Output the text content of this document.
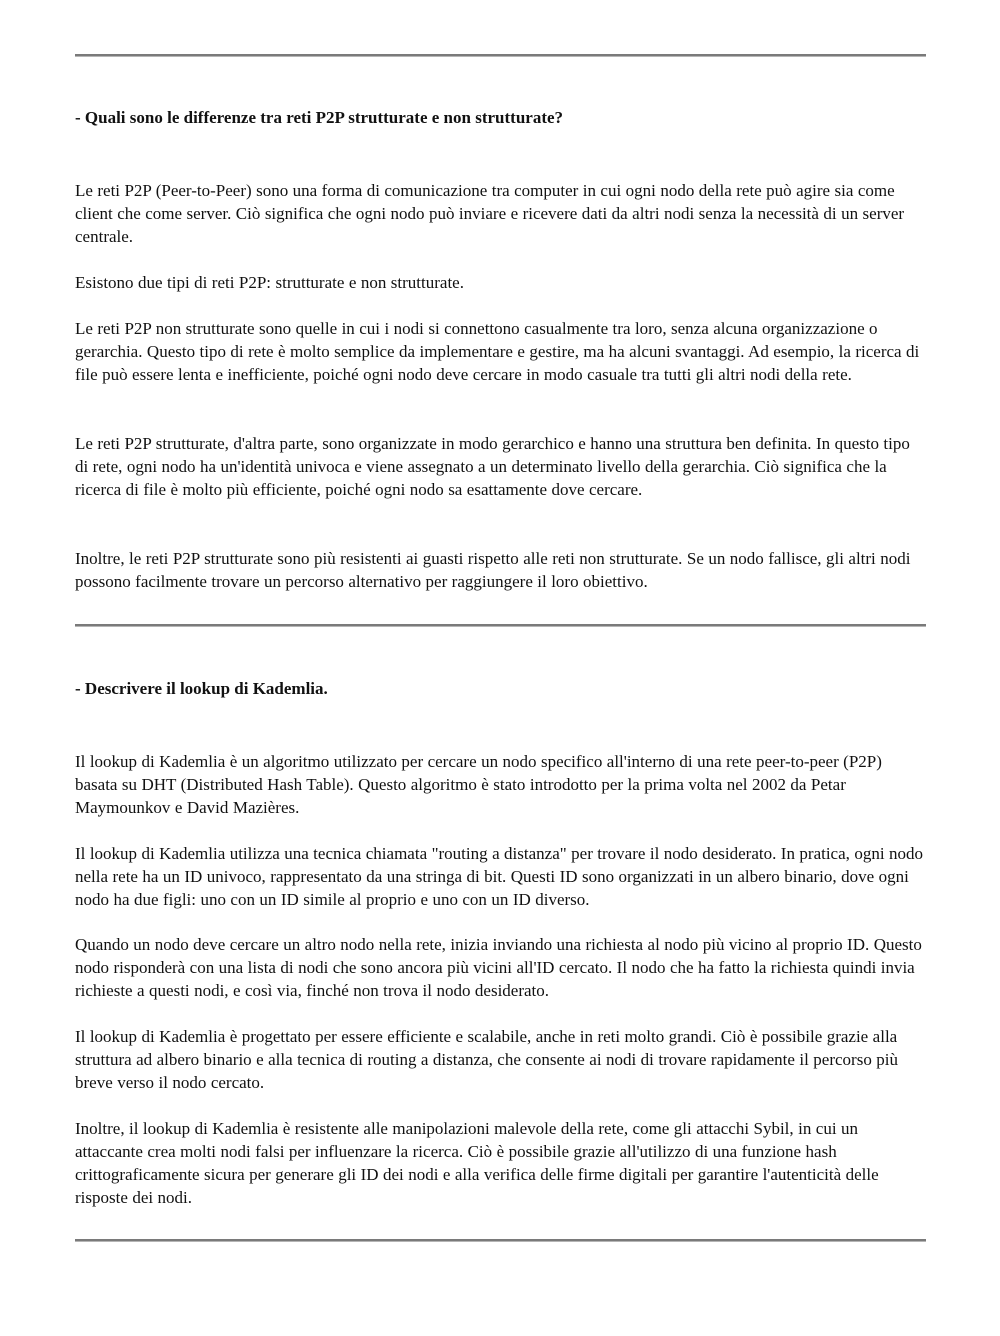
- Quali sono le differenze tra reti P2P strutturate e non strutturate?

Le reti P2P (Peer-to-Peer) sono una forma di comunicazione tra computer in cui ogni nodo della rete può agire sia come client che come server. Ciò significa che ogni nodo può inviare e ricevere dati da altri nodi senza la necessità di un server centrale.

Esistono due tipi di reti P2P: strutturate e non strutturate.

Le reti P2P non strutturate sono quelle in cui i nodi si connettono casualmente tra loro, senza alcuna organizzazione o gerarchia. Questo tipo di rete è molto semplice da implementare e gestire, ma ha alcuni svantaggi. Ad esempio, la ricerca di file può essere lenta e inefficiente, poiché ogni nodo deve cercare in modo casuale tra tutti gli altri nodi della rete.

Le reti P2P strutturate, d'altra parte, sono organizzate in modo gerarchico e hanno una struttura ben definita. In questo tipo di rete, ogni nodo ha un'identità univoca e viene assegnato a un determinato livello della gerarchia. Ciò significa che la ricerca di file è molto più efficiente, poiché ogni nodo sa esattamente dove cercare.

Inoltre, le reti P2P strutturate sono più resistenti ai guasti rispetto alle reti non strutturate. Se un nodo fallisce, gli altri nodi possono facilmente trovare un percorso alternativo per raggiungere il loro obiettivo.

- Descrivere il lookup di Kademlia.

Il lookup di Kademlia è un algoritmo utilizzato per cercare un nodo specifico all'interno di una rete peer-to-peer (P2P) basata su DHT (Distributed Hash Table). Questo algoritmo è stato introdotto per la prima volta nel 2002 da Petar Maymounkov e David Mazières.

Il lookup di Kademlia utilizza una tecnica chiamata "routing a distanza" per trovare il nodo desiderato. In pratica, ogni nodo nella rete ha un ID univoco, rappresentato da una stringa di bit. Questi ID sono organizzati in un albero binario, dove ogni nodo ha due figli: uno con un ID simile al proprio e uno con un ID diverso.

Quando un nodo deve cercare un altro nodo nella rete, inizia inviando una richiesta al nodo più vicino al proprio ID. Questo nodo risponderà con una lista di nodi che sono ancora più vicini all'ID cercato. Il nodo che ha fatto la richiesta quindi invia richieste a questi nodi, e così via, finché non trova il nodo desiderato.

Il lookup di Kademlia è progettato per essere efficiente e scalabile, anche in reti molto grandi. Ciò è possibile grazie alla struttura ad albero binario e alla tecnica di routing a distanza, che consente ai nodi di trovare rapidamente il percorso più breve verso il nodo cercato.

Inoltre, il lookup di Kademlia è resistente alle manipolazioni malevole della rete, come gli attacchi Sybil, in cui un attaccante crea molti nodi falsi per influenzare la ricerca. Ciò è possibile grazie all'utilizzo di una funzione hash crittograficamente sicura per generare gli ID dei nodi e alla verifica delle firme digitali per garantire l'autenticità delle risposte dei nodi.
